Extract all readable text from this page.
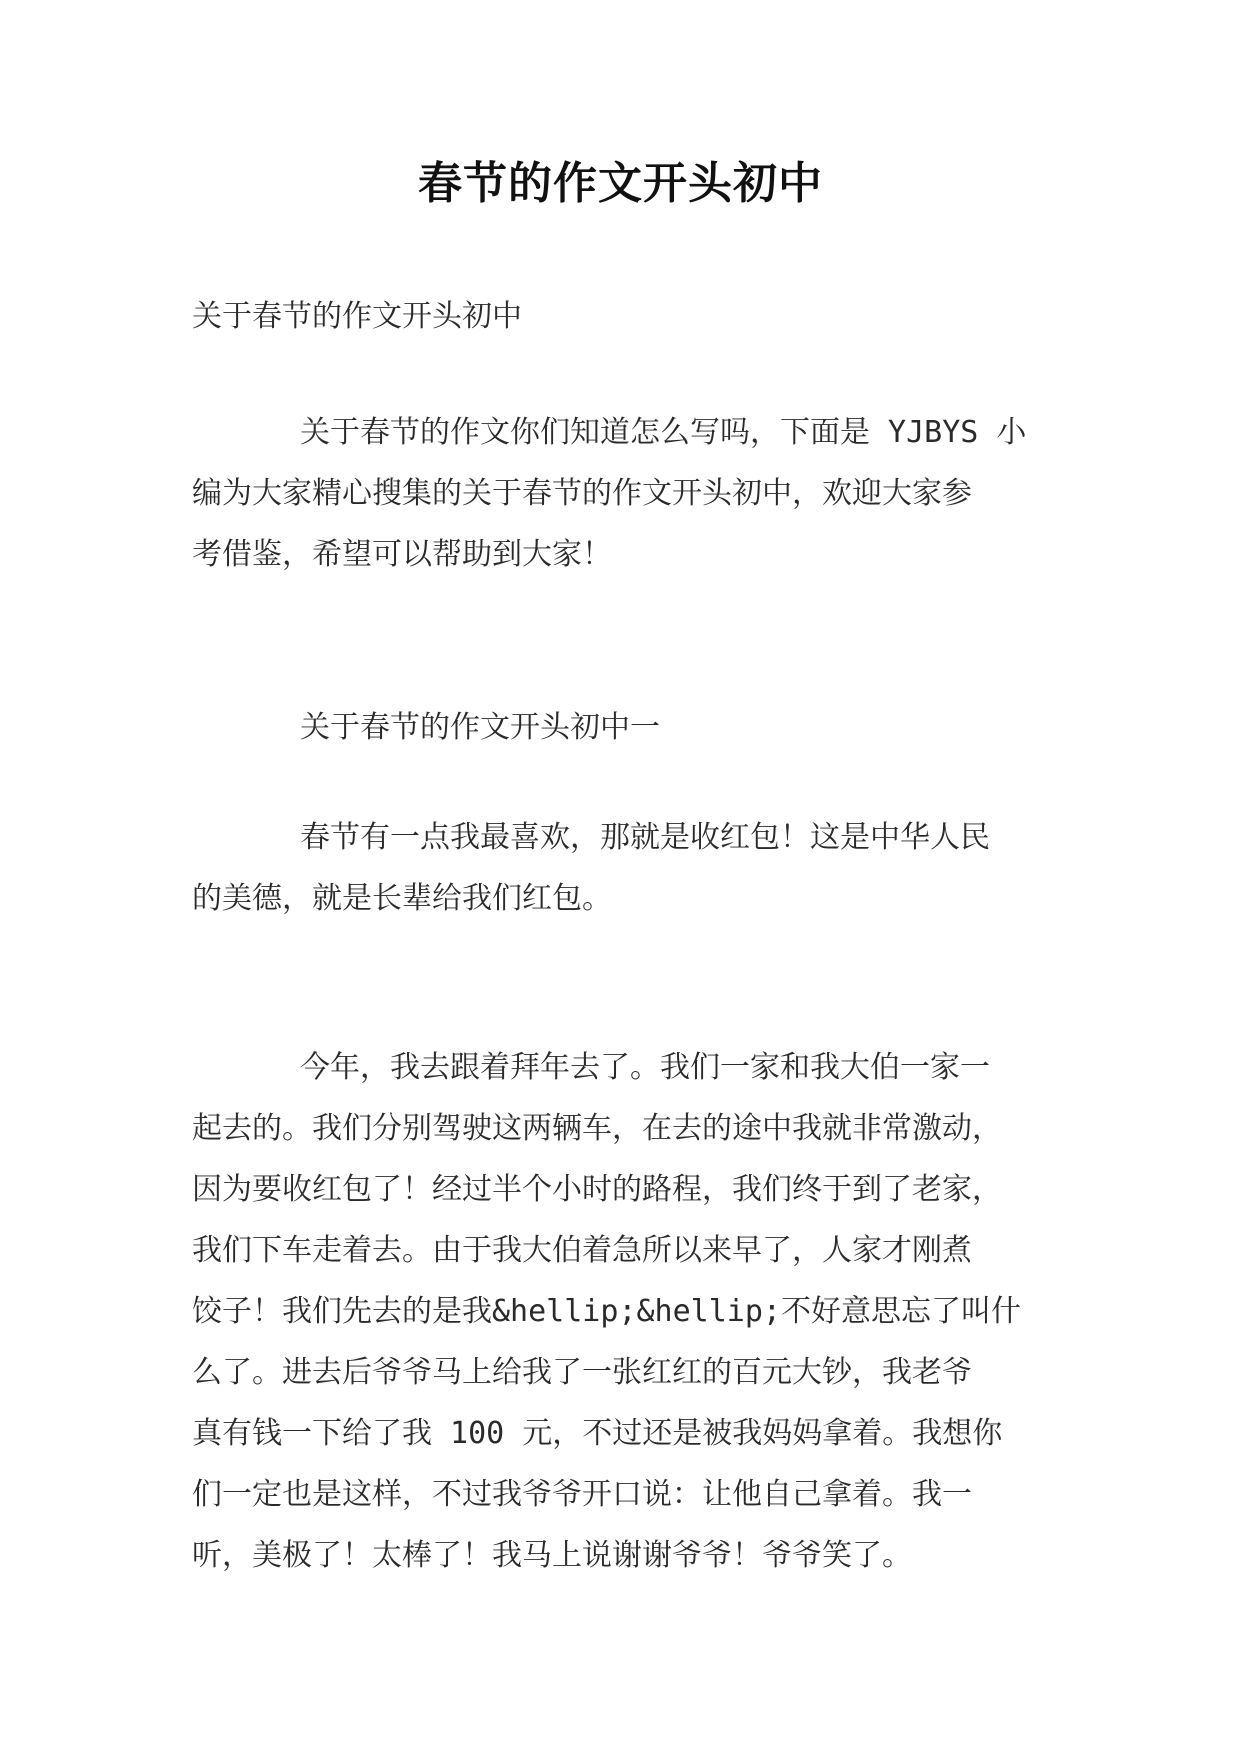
春节的作文开头初中
关于春节的作文开头初中
关于春节的作文你们知道怎么写吗，下面是 YJBYS 小
编为大家精心搜集的关于春节的作文开头初中，欢迎大家参
考借鉴，希望可以帮助到大家！
关于春节的作文开头初中一
春节有一点我最喜欢，那就是收红包！这是中华人民
的美德，就是长辈给我们红包。
今年，我去跟着拜年去了。我们一家和我大伯一家一
起去的。我们分别驾驶这两辆车，在去的途中我就非常激动，
因为要收红包了！经过半个小时的路程，我们终于到了老家，
我们下车走着去。由于我大伯着急所以来早了，人家才刚煮
饺子！我们先去的是我&hellip;&hellip;不好意思忘了叫什
么了。进去后爷爷马上给我了一张红红的百元大钞，我老爷
真有钱一下给了我 100 元，不过还是被我妈妈拿着。我想你
们一定也是这样，不过我爷爷开口说：让他自己拿着。我一
听，美极了！太棒了！我马上说谢谢爷爷！爷爷笑了。
